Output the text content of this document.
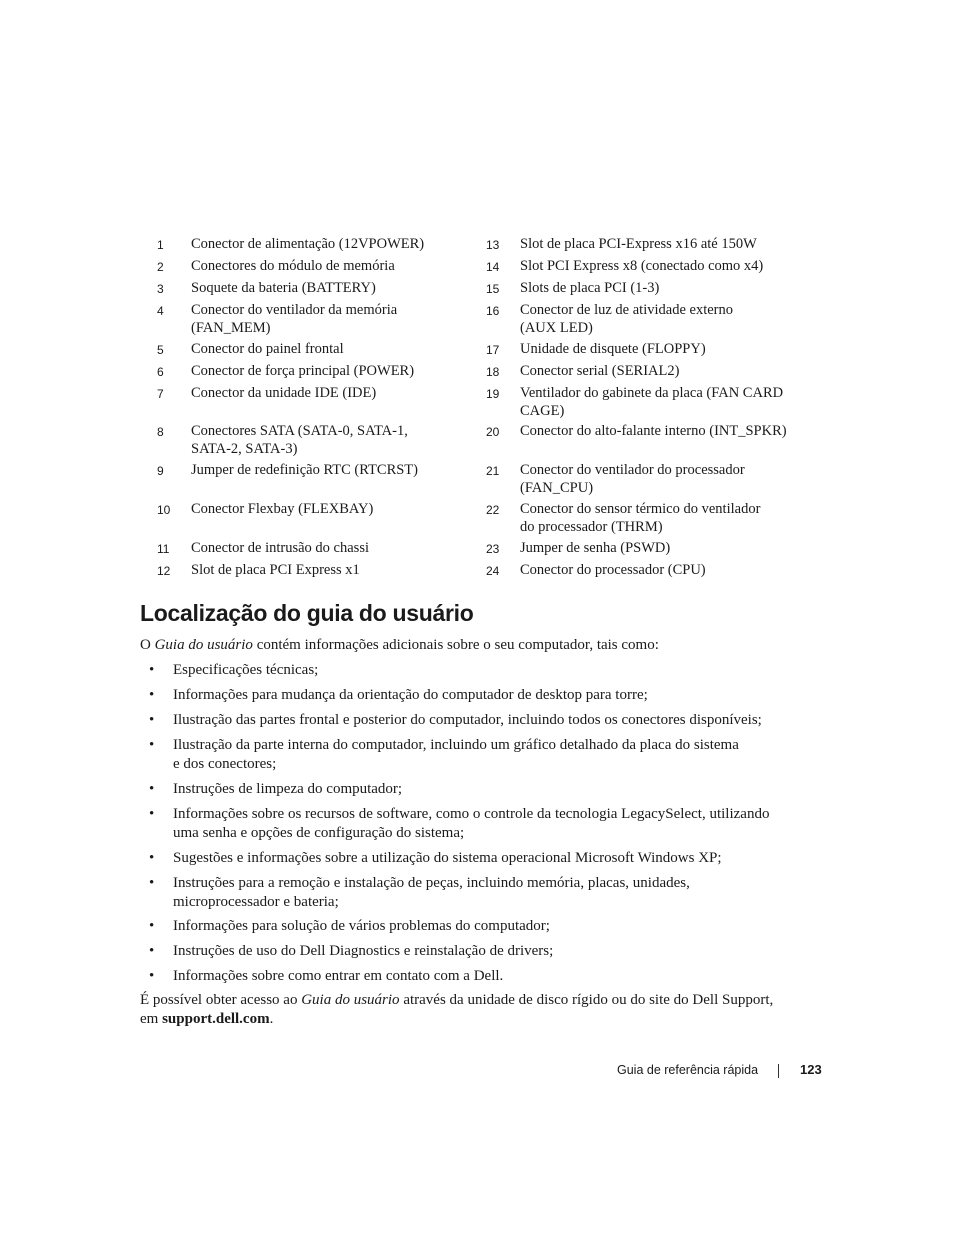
1 Conector de alimentação (12VPOWER)
2 Conectores do módulo de memória
3 Soquete da bateria (BATTERY)
4 Conector do ventilador da memória
(FAN_MEM)
5 Conector do painel frontal
6 Conector de força principal (POWER)
7 Conector da unidade IDE (IDE)
8 Conectores SATA (SATA-0, SATA-1,
SATA-2, SATA-3)
9 Jumper de redefinição RTC (RTCRST)
10 Conector Flexbay (FLEXBAY)
11 Conector de intrusão do chassi
12 Slot de placa PCI Express x1
13 Slot de placa PCI-Express x16 até 150W
14 Slot PCI Express x8 (conectado como x4)
15 Slots de placa PCI (1-3)
16 Conector de luz de atividade externo
(AUX LED)
17 Unidade de disquete (FLOPPY)
18 Conector serial (SERIAL2)
19 Ventilador do gabinete da placa (FAN CARD
CAGE)
20 Conector do alto-falante interno (INT_SPKR)
21 Conector do ventilador do processador
(FAN_CPU)
22 Conector do sensor térmico do ventilador
do processador (THRM)
23 Jumper de senha (PSWD)
24 Conector do processador (CPU)
Localização do guia do usuário
O Guia do usuário contém informações adicionais sobre o seu computador, tais como:
• Especificações técnicas;
• Informações para mudança da orientação do computador de desktop para torre;
• Ilustração das partes frontal e posterior do computador, incluindo todos os conectores disponíveis;
• Ilustração da parte interna do computador, incluindo um gráfico detalhado da placa do sistema
e dos conectores;
• Instruções de limpeza do computador;
• Informações sobre os recursos de software, como o controle da tecnologia LegacySelect, utilizando
uma senha e opções de configuração do sistema;
• Sugestões e informações sobre a utilização do sistema operacional Microsoft Windows XP;
• Instruções para a remoção e instalação de peças, incluindo memória, placas, unidades,
microprocessador e bateria;
• Informações para solução de vários problemas do computador;
• Instruções de uso do Dell Diagnostics e reinstalação de drivers;
• Informações sobre como entrar em contato com a Dell.
É possível obter acesso ao Guia do usuário através da unidade de disco rígido ou do site do Dell Support,
em support.dell.com.
Guia de referência rápida	123
